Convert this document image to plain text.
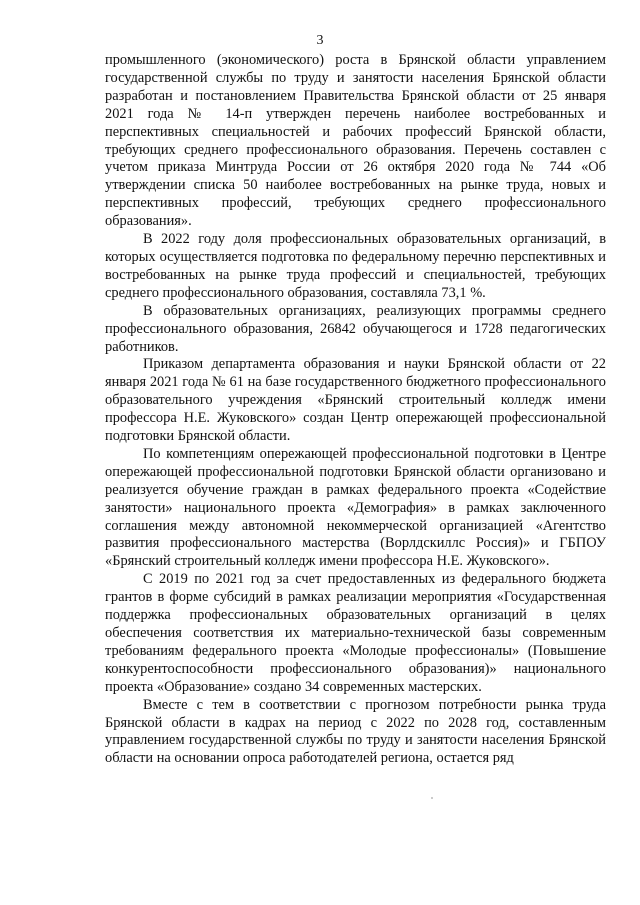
3

промышленного (экономического) роста в Брянской области управлением государственной службы по труду и занятости населения Брянской области разработан и постановлением Правительства Брянской области от 25 января 2021 года № 14-п утвержден перечень наиболее востребованных и перспективных специальностей и рабочих профессий Брянской области, требующих среднего профессионального образования. Перечень составлен с учетом приказа Минтруда России от 26 октября 2020 года № 744 «Об утверждении списка 50 наиболее востребованных на рынке труда, новых и перспективных профессий, требующих среднего профессионального образования».

В 2022 году доля профессиональных образовательных организаций, в которых осуществляется подготовка по федеральному перечню перспективных и востребованных на рынке труда профессий и специальностей, требующих среднего профессионального образования, составляла 73,1 %.

В образовательных организациях, реализующих программы среднего профессионального образования, 26842 обучающегося и 1728 педагогических работников.

Приказом департамента образования и науки Брянской области от 22 января 2021 года № 61 на базе государственного бюджетного профессионального образовательного учреждения «Брянский строительный колледж имени профессора Н.Е. Жуковского» создан Центр опережающей профессиональной подготовки Брянской области.

По компетенциям опережающей профессиональной подготовки в Центре опережающей профессиональной подготовки Брянской области организовано и реализуется обучение граждан в рамках федерального проекта «Содействие занятости» национального проекта «Демография» в рамках заключенного соглашения между автономной некоммерческой организацией «Агентство развития профессионального мастерства (Ворлдскиллс Россия)» и ГБПОУ «Брянский строительный колледж имени профессора Н.Е. Жуковского».

С 2019 по 2021 год за счет предоставленных из федерального бюджета грантов в форме субсидий в рамках реализации мероприятия «Государственная поддержка профессиональных образовательных организаций в целях обеспечения соответствия их материально-технической базы современным требованиям федерального проекта «Молодые профессионалы» (Повышение конкурентоспособности профессионального образования)» национального проекта «Образование» создано 34 современных мастерских.

Вместе с тем в соответствии с прогнозом потребности рынка труда Брянской области в кадрах на период с 2022 по 2028 год, составленным управлением государственной службы по труду и занятости населения Брянской области на основании опроса работодателей региона, остается ряд
